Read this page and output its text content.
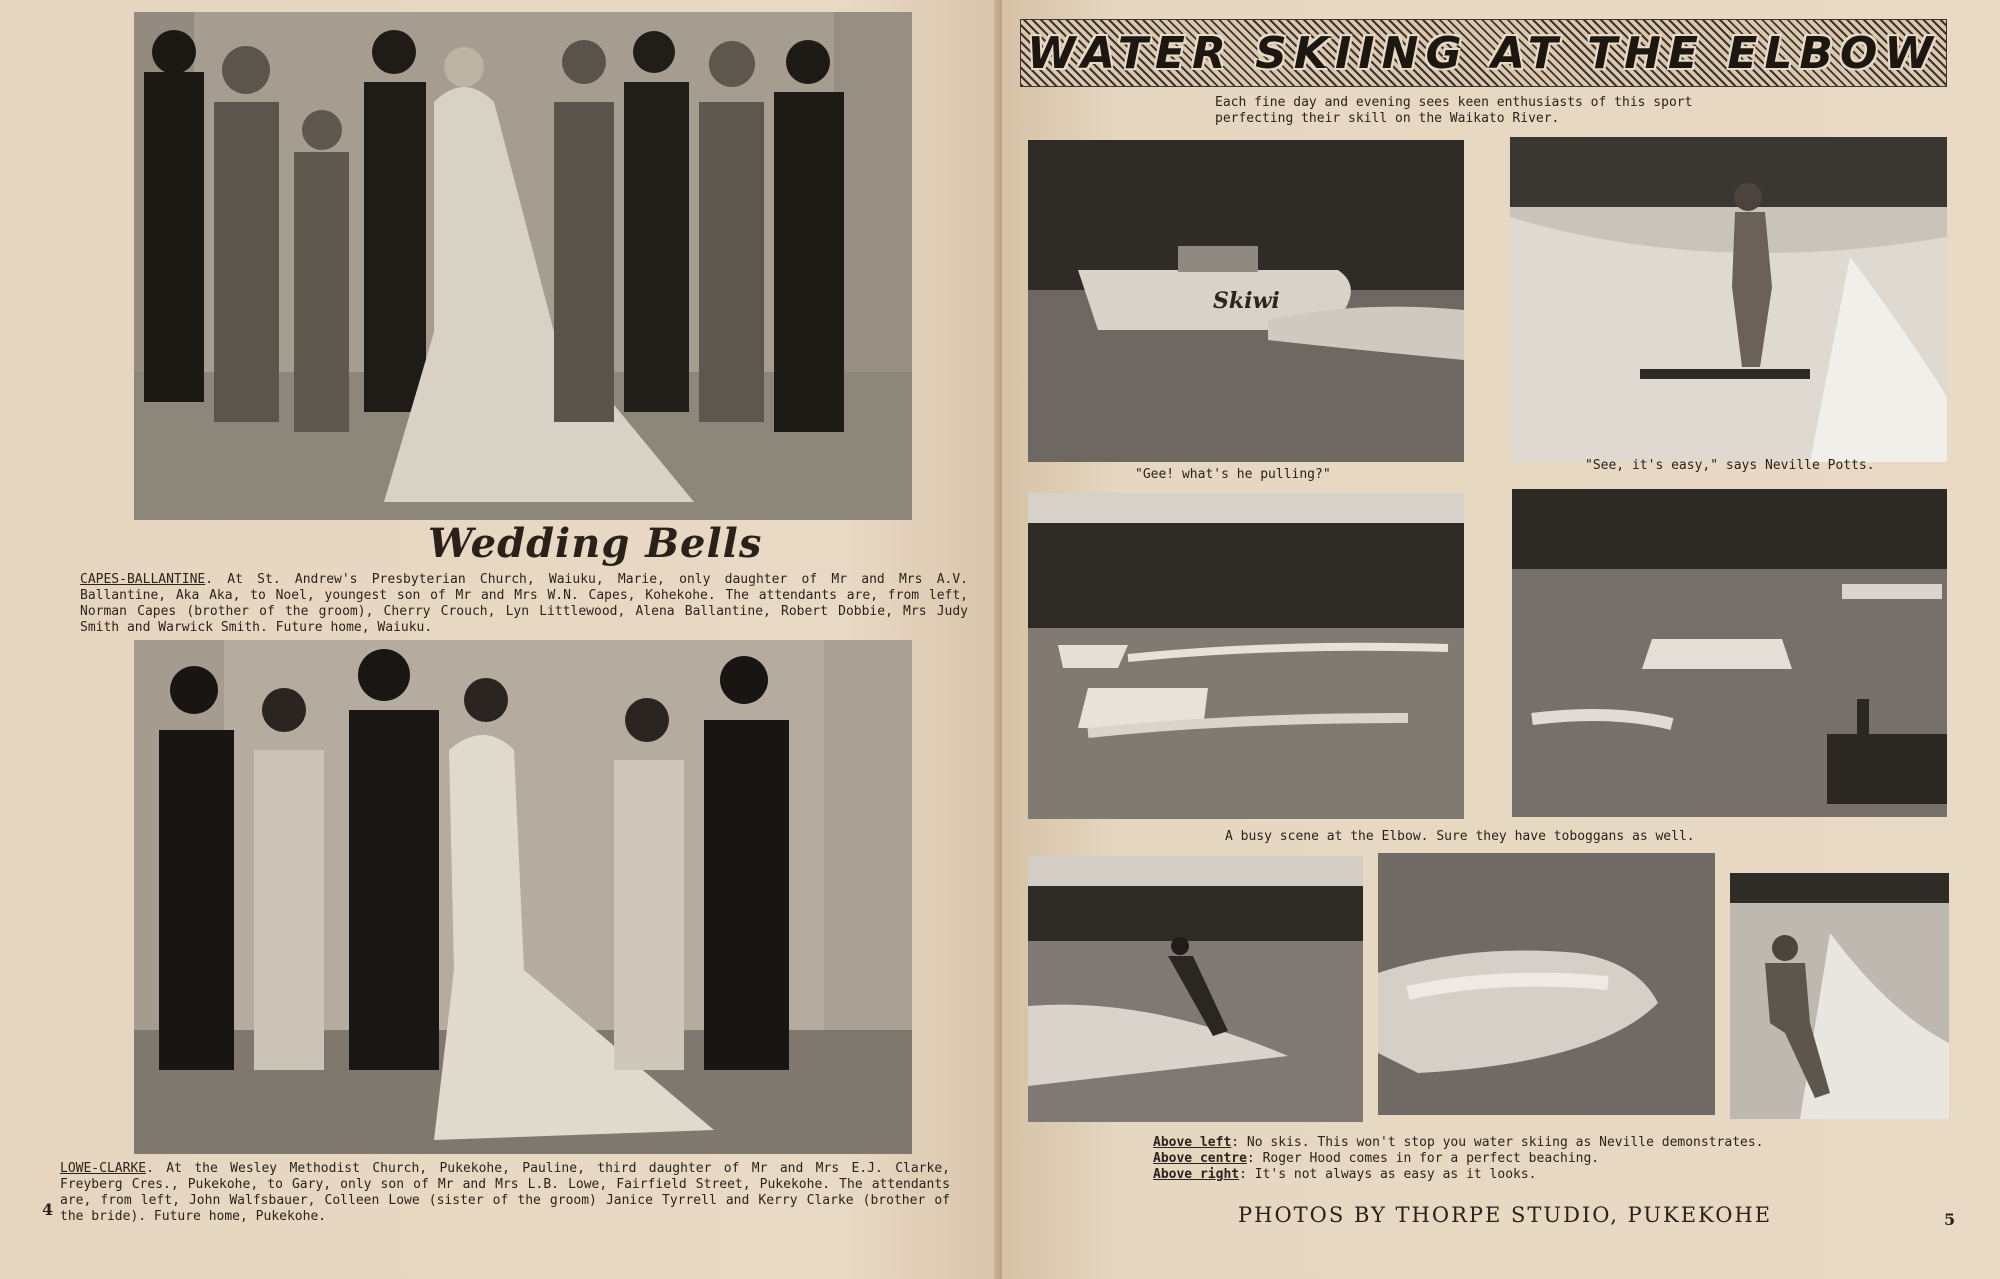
Wedding Bells
CAPES-BALLANTINE. At St. Andrew's Presbyterian Church, Waiuku, Marie, only daughter of Mr and Mrs A.V. Ballantine, Aka Aka, to Noel, youngest son of Mr and Mrs W.N. Capes, Kohekohe. The attendants are, from left, Norman Capes (brother of the groom), Cherry Crouch, Lyn Littlewood, Alena Ballantine, Robert Dobbie, Mrs Judy Smith and Warwick Smith. Future home, Waiuku.
LOWE-CLARKE. At the Wesley Methodist Church, Pukekohe, Pauline, third daughter of Mr and Mrs E.J. Clarke, Freyberg Cres., Pukekohe, to Gary, only son of Mr and Mrs L.B. Lowe, Fairfield Street, Pukekohe. The attendants are, from left, John Walfsbauer, Colleen Lowe (sister of the groom) Janice Tyrrell and Kerry Clarke (brother of the bride). Future home, Pukekohe.
4
WATER SKIING AT THE ELBOW
Each fine day and evening sees keen enthusiasts of this sport
perfecting their skill on the Waikato River.
Skiwi
"Gee! what's he pulling?"
"See, it's easy," says Neville Potts.
A busy scene at the Elbow. Sure they have toboggans as well.
Above left: No skis. This won't stop you water skiing as Neville demonstrates.
Above centre: Roger Hood comes in for a perfect beaching.
Above right: It's not always as easy as it looks.
PHOTOS BY THORPE STUDIO, PUKEKOHE	5
